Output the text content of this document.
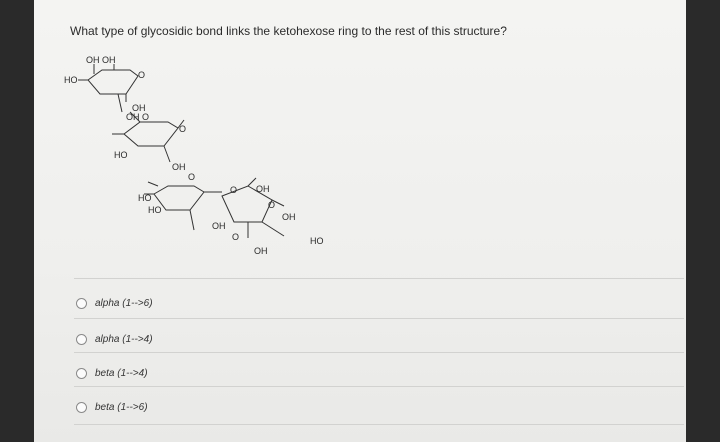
What type of glycosidic bond links the ketohexose ring to the rest of this structure?
OH OH
O
HO
OH
OH O
O
HO
OH
O
HO
O
HO
OH
O
OH
O
OH
HO
OH
alpha (1-->6)
alpha (1-->4)
beta (1-->4)
beta (1-->6)
